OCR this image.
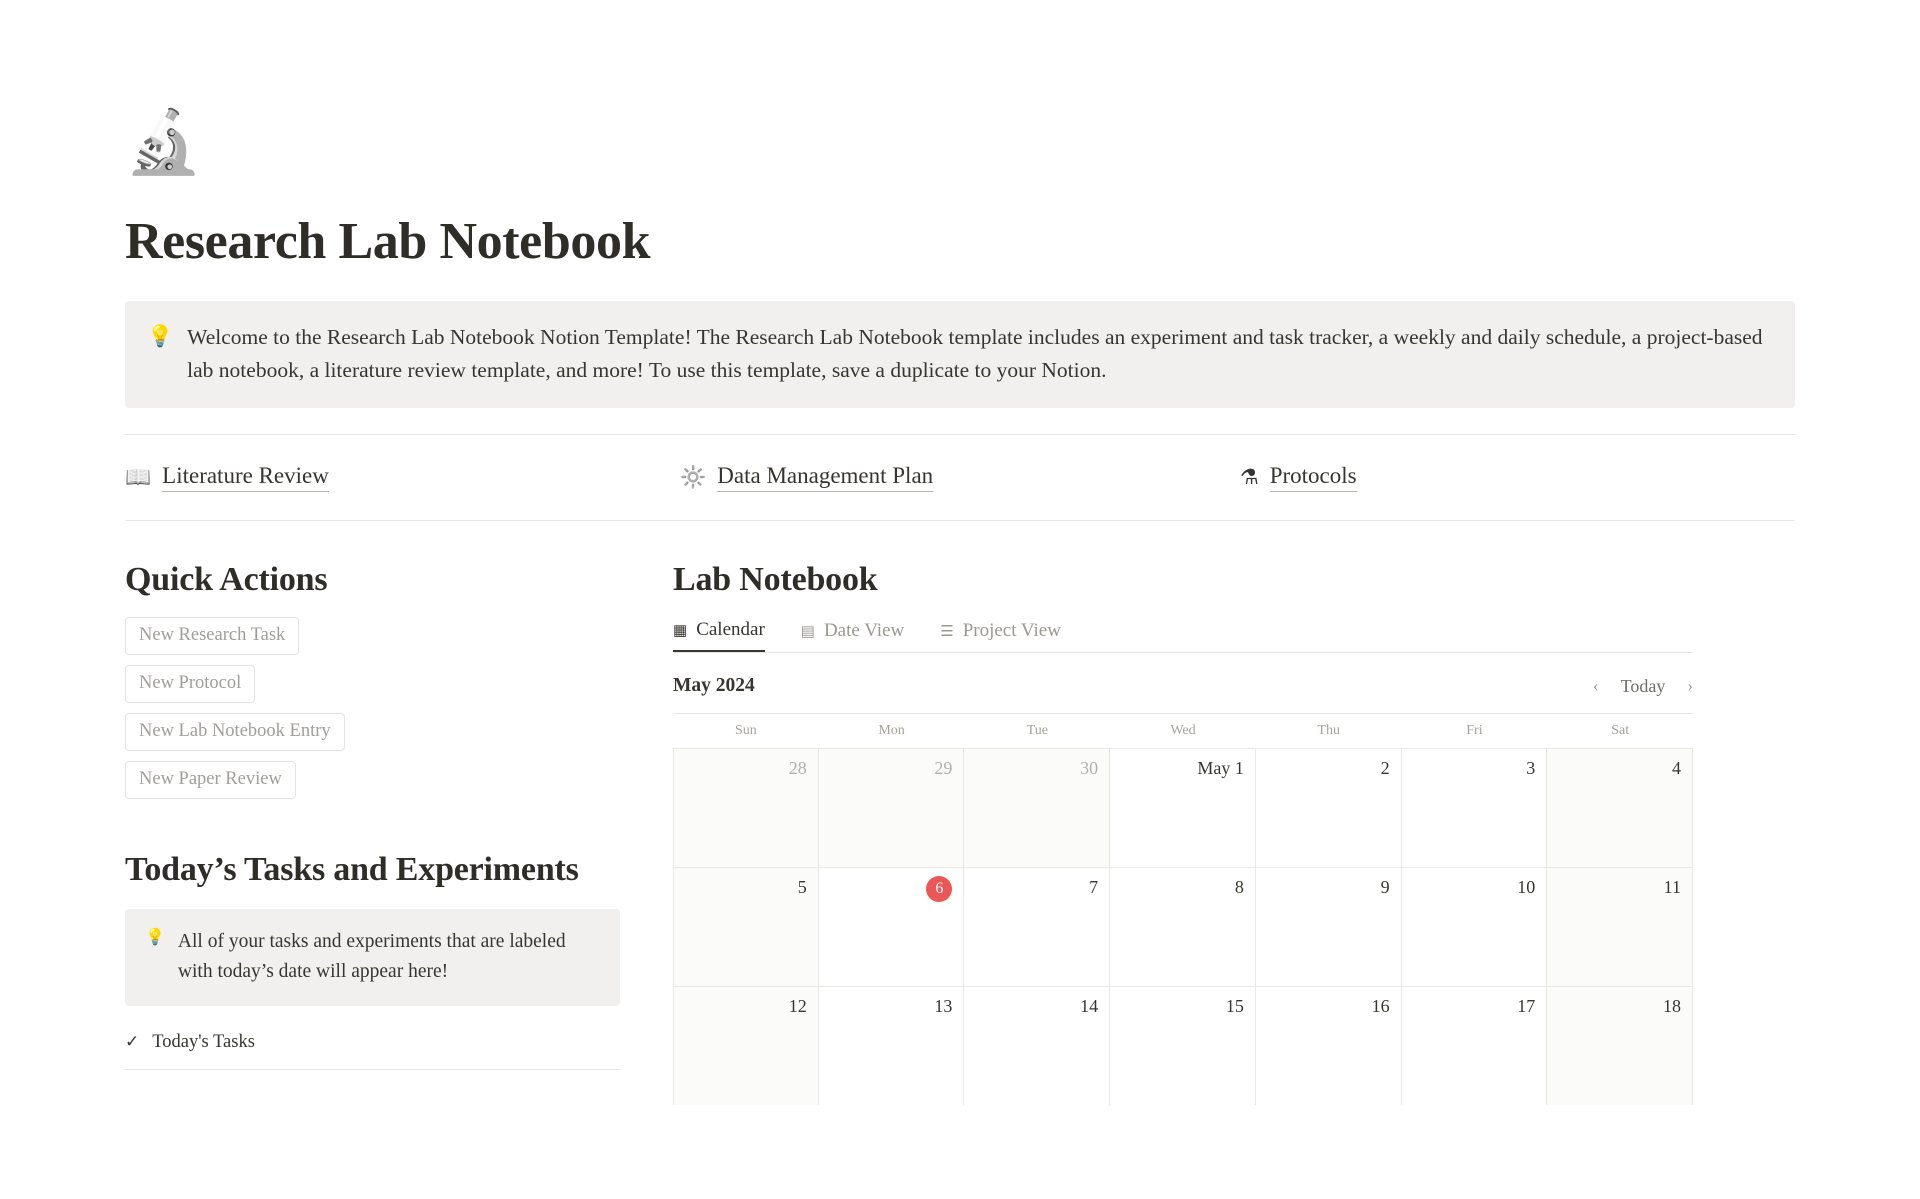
🔬
Research Lab Notebook
💡 Welcome to the Research Lab Notebook Notion Template! The Research Lab Notebook template includes an experiment and task tracker, a weekly and daily schedule, a project-based lab notebook, a literature review template, and more! To use this template, save a duplicate to your Notion.
📖 Literature Review	🔆 Data Management Plan	⚗ Protocols
Quick Actions
New Research Task
New Protocol
New Lab Notebook Entry
New Paper Review
Today’s Tasks and Experiments
💡 All of your tasks and experiments that are labeled with today’s date will appear here!
✓ Today's Tasks
Lab Notebook
▦ Calendar ▤ Date View ☰ Project View
May 2024	‹ Today ›
Sun	Mon	Tue	Wed	Thu	Fri	Sat
28	29	30	May 1	2	3	4
5	6	7	8	9	10	11
12	13	14	15	16	17	18
